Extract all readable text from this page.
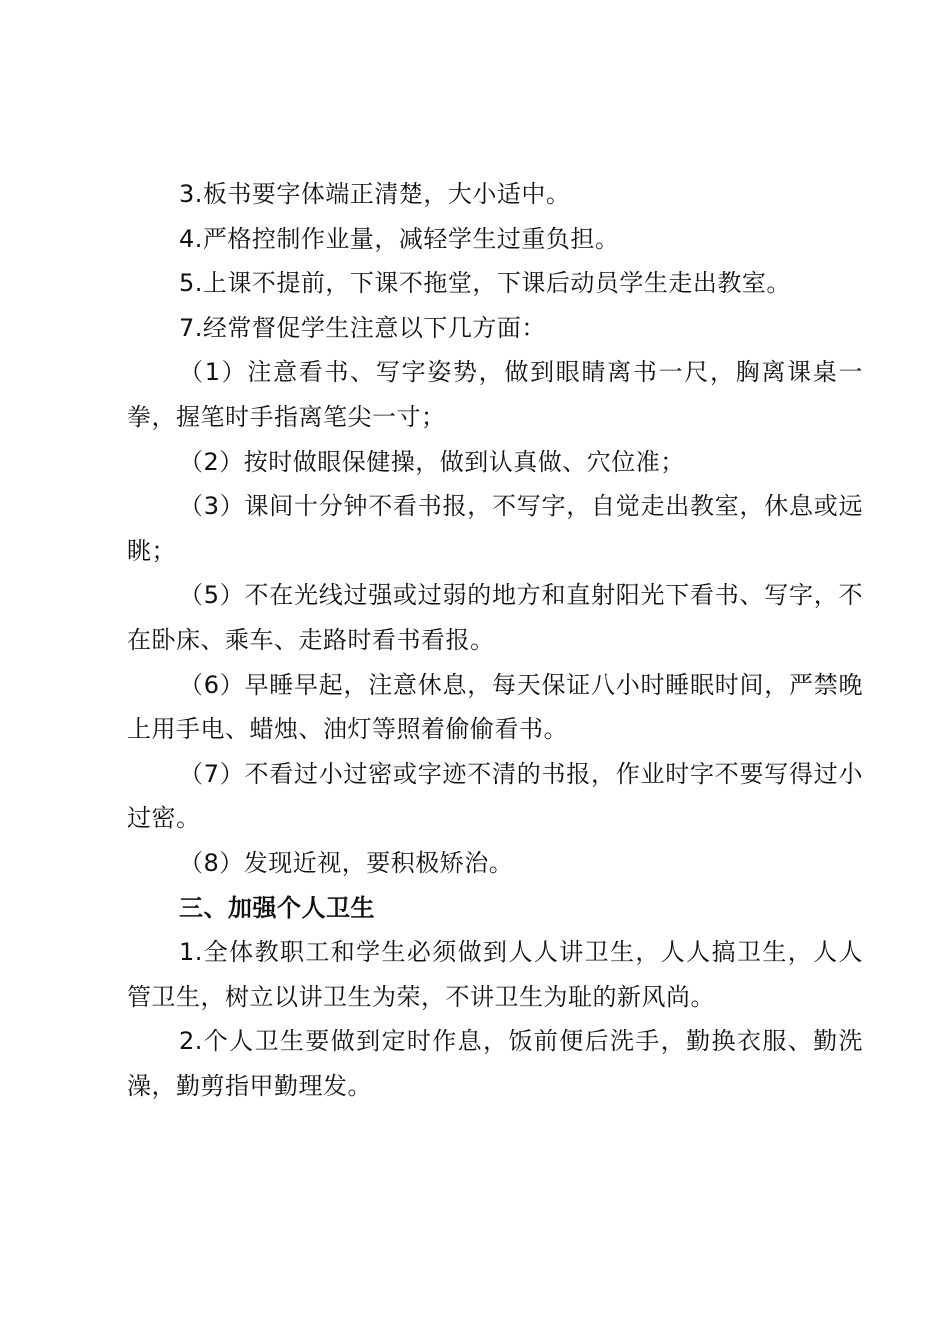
3.板书要字体端正清楚，大小适中。

4.严格控制作业量，减轻学生过重负担。

5.上课不提前，下课不拖堂，下课后动员学生走出教室。

7.经常督促学生注意以下几方面：

（1）注意看书、写字姿势，做到眼睛离书一尺，胸离课桌一拳，握笔时手指离笔尖一寸；

（2）按时做眼保健操，做到认真做、穴位准；

（3）课间十分钟不看书报，不写字，自觉走出教室，休息或远眺；

（5）不在光线过强或过弱的地方和直射阳光下看书、写字，不在卧床、乘车、走路时看书看报。

（6）早睡早起，注意休息，每天保证八小时睡眠时间，严禁晚上用手电、蜡烛、油灯等照着偷偷看书。

（7）不看过小过密或字迹不清的书报，作业时字不要写得过小过密。

（8）发现近视，要积极矫治。

三、加强个人卫生

1.全体教职工和学生必须做到人人讲卫生，人人搞卫生，人人管卫生，树立以讲卫生为荣，不讲卫生为耻的新风尚。

2.个人卫生要做到定时作息，饭前便后洗手，勤换衣服、勤洗澡，勤剪指甲勤理发。
